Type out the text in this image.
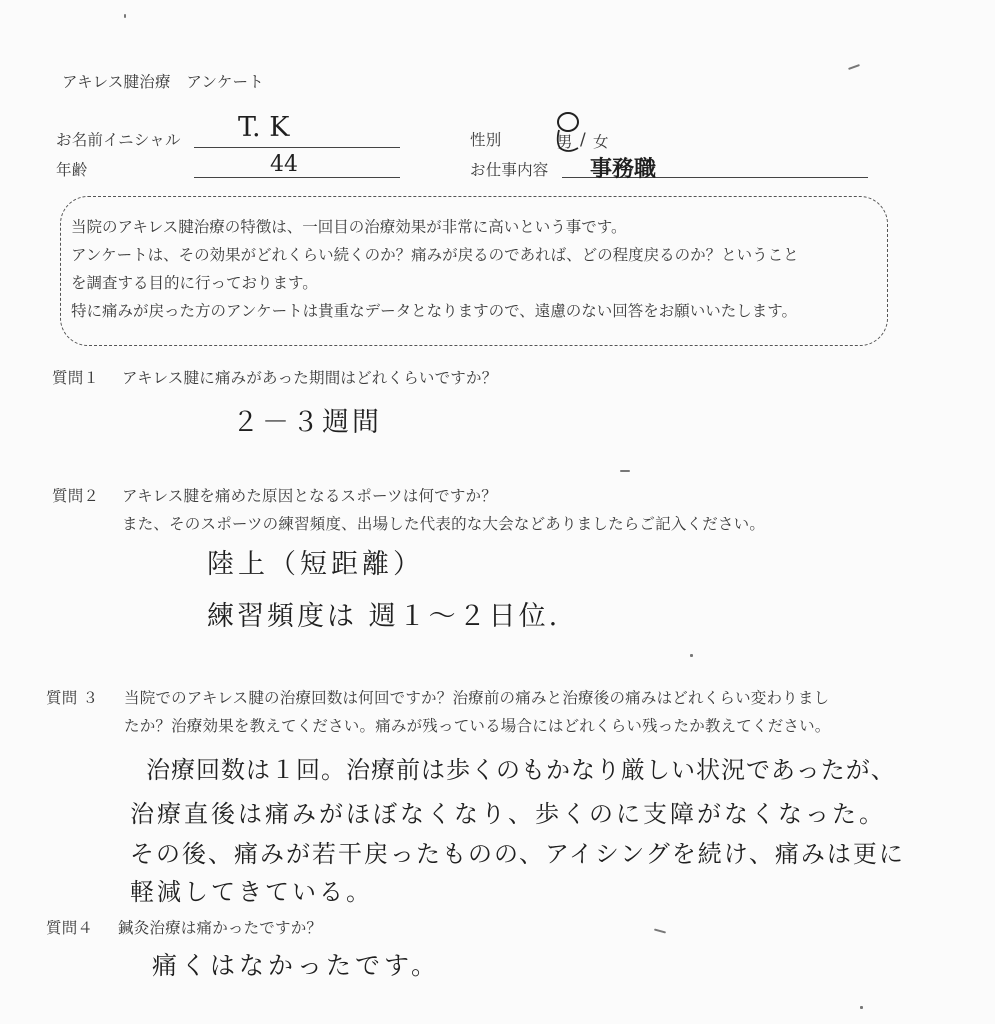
アキレス腱治療　アンケート
お名前イニシャル T. K
年齢	44
性別	男 / 女
お仕事内容 事務職
当院のアキレス腱治療の特徴は、一回目の治療効果が非常に高いという事です。
アンケートは、その効果がどれくらい続くのか？痛みが戻るのであれば、どの程度戻るのか？ということ
を調査する目的に行っております。
特に痛みが戻った方のアンケートは貴重なデータとなりますので、遠慮のない回答をお願いいたします。
質問１ アキレス腱に痛みがあった期間はどれくらいですか？
２－３週間
質問２ アキレス腱を痛めた原因となるスポーツは何ですか？
また、そのスポーツの練習頻度、出場した代表的な大会などありましたらご記入ください。
陸上（短距離）
練習頻度は 週１～２日位.
質問 ３ 当院でのアキレス腱の治療回数は何回ですか？治療前の痛みと治療後の痛みはどれくらい変わりまし
たか？治療効果を教えてください。痛みが残っている場合にはどれくらい残ったか教えてください。
治療回数は１回。治療前は歩くのもかなり厳しい状況であったが、
治療直後は痛みがほぼなくなり、歩くのに支障がなくなった。
その後、痛みが若干戻ったものの、アイシングを続け、痛みは更に
軽減してきている。
質問４ 鍼灸治療は痛かったですか？
痛くはなかったです。
